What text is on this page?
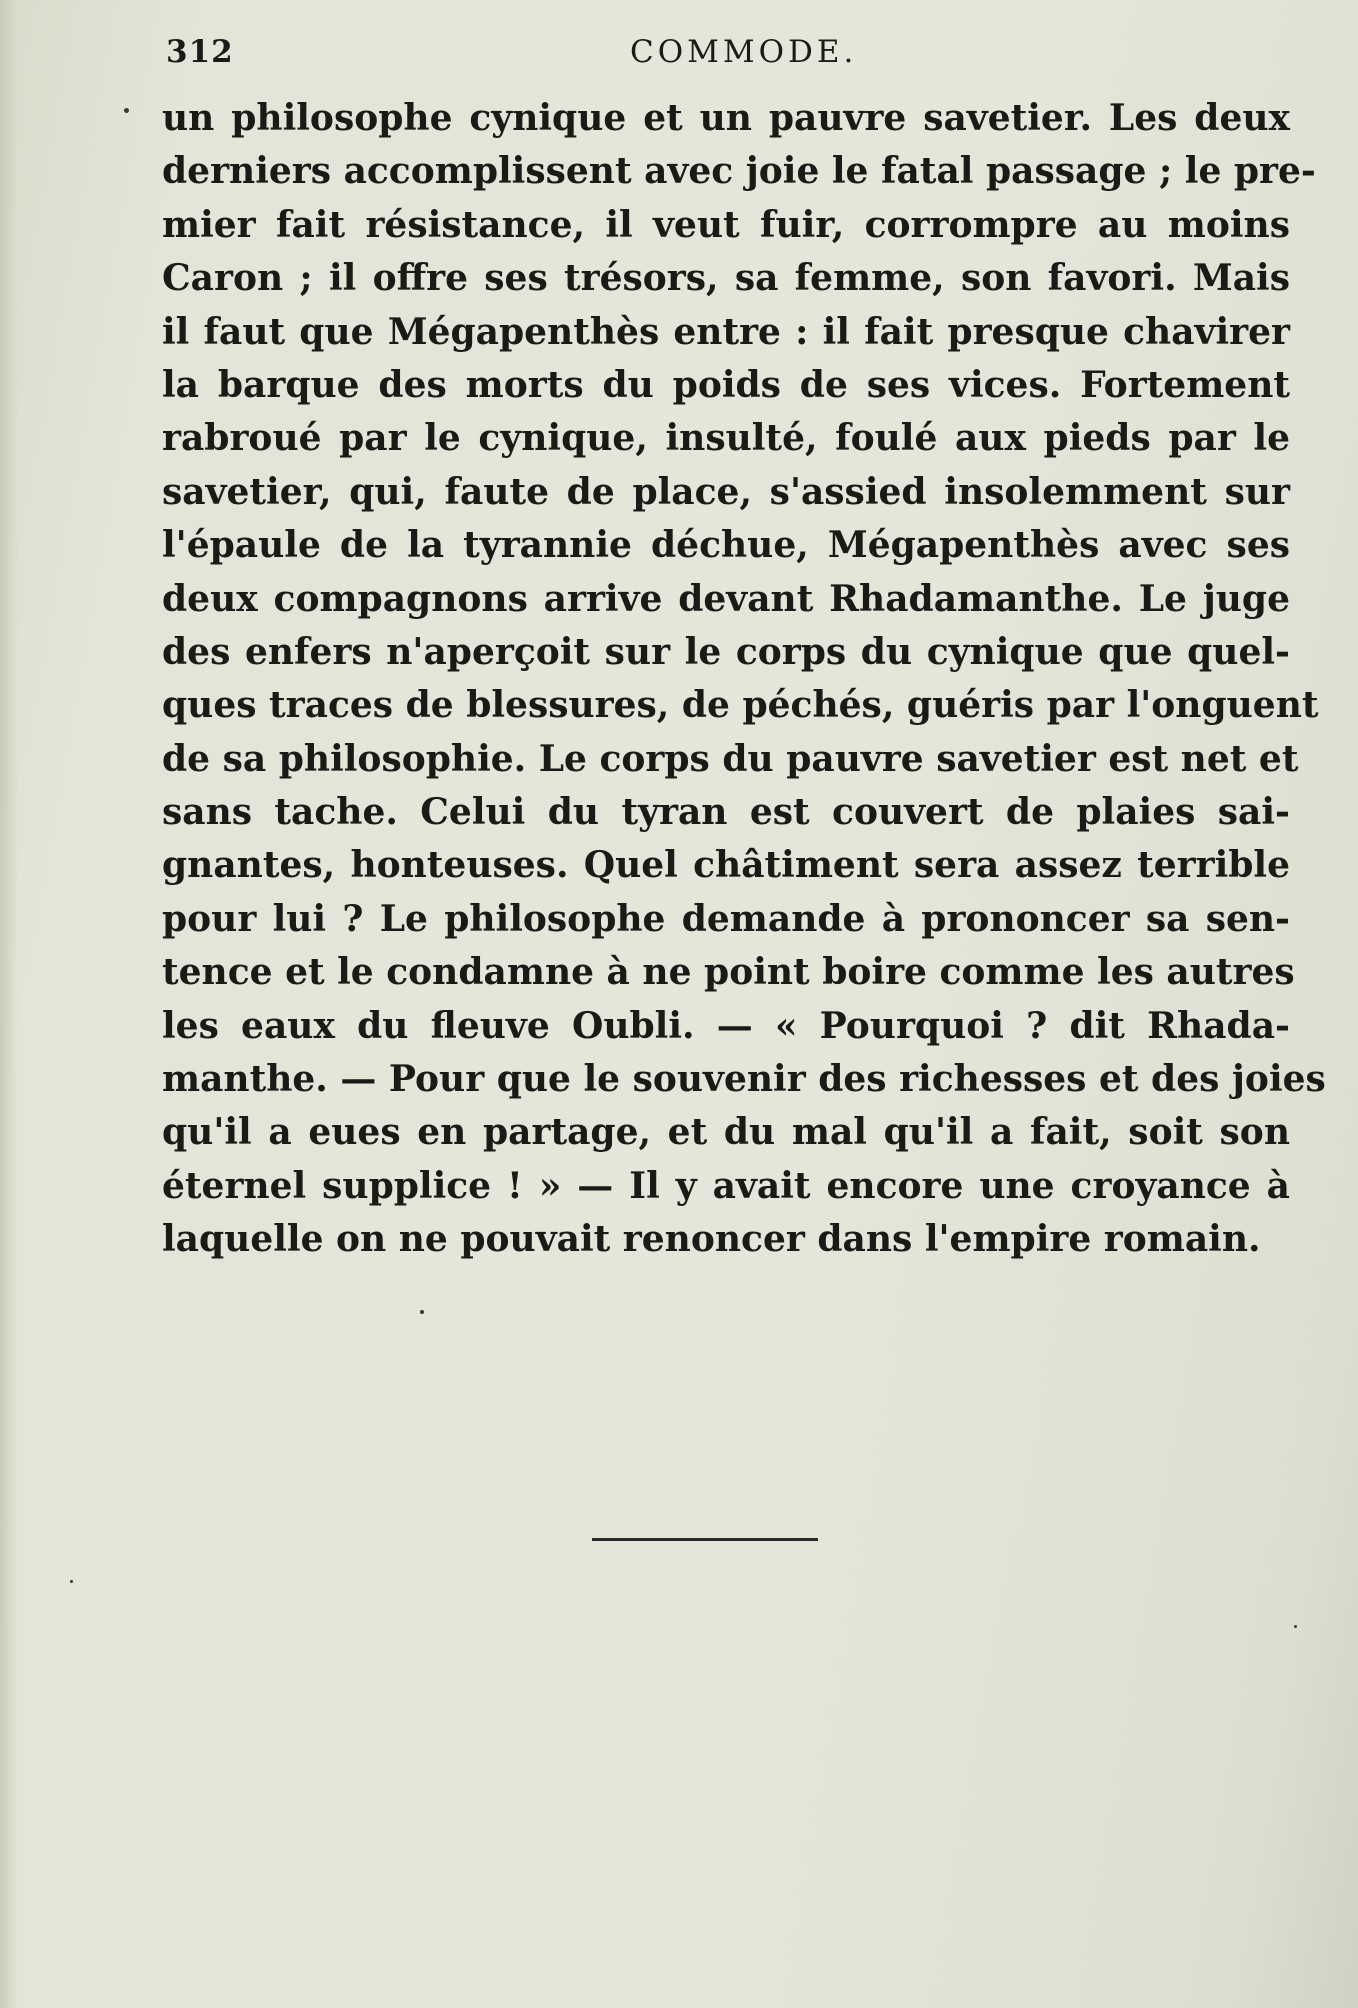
312	COMMODE.
un philosophe cynique et un pauvre savetier. Les deux
derniers accomplissent avec joie le fatal passage ; le pre-
mier fait résistance, il veut fuir, corrompre au moins
Caron ; il offre ses trésors, sa femme, son favori. Mais
il faut que Mégapenthès entre : il fait presque chavirer
la barque des morts du poids de ses vices. Fortement
rabroué par le cynique, insulté, foulé aux pieds par le
savetier, qui, faute de place, s'assied insolemment sur
l'épaule de la tyrannie déchue, Mégapenthès avec ses
deux compagnons arrive devant Rhadamanthe. Le juge
des enfers n'aperçoit sur le corps du cynique que quel-
ques traces de blessures, de péchés, guéris par l'onguent
de sa philosophie. Le corps du pauvre savetier est net et
sans tache. Celui du tyran est couvert de plaies sai-
gnantes, honteuses. Quel châtiment sera assez terrible
pour lui ? Le philosophe demande à prononcer sa sen-
tence et le condamne à ne point boire comme les autres
les eaux du fleuve Oubli. — « Pourquoi ? dit Rhada-
manthe. — Pour que le souvenir des richesses et des joies
qu'il a eues en partage, et du mal qu'il a fait, soit son
éternel supplice ! » — Il y avait encore une croyance à
laquelle on ne pouvait renoncer dans l'empire romain.
